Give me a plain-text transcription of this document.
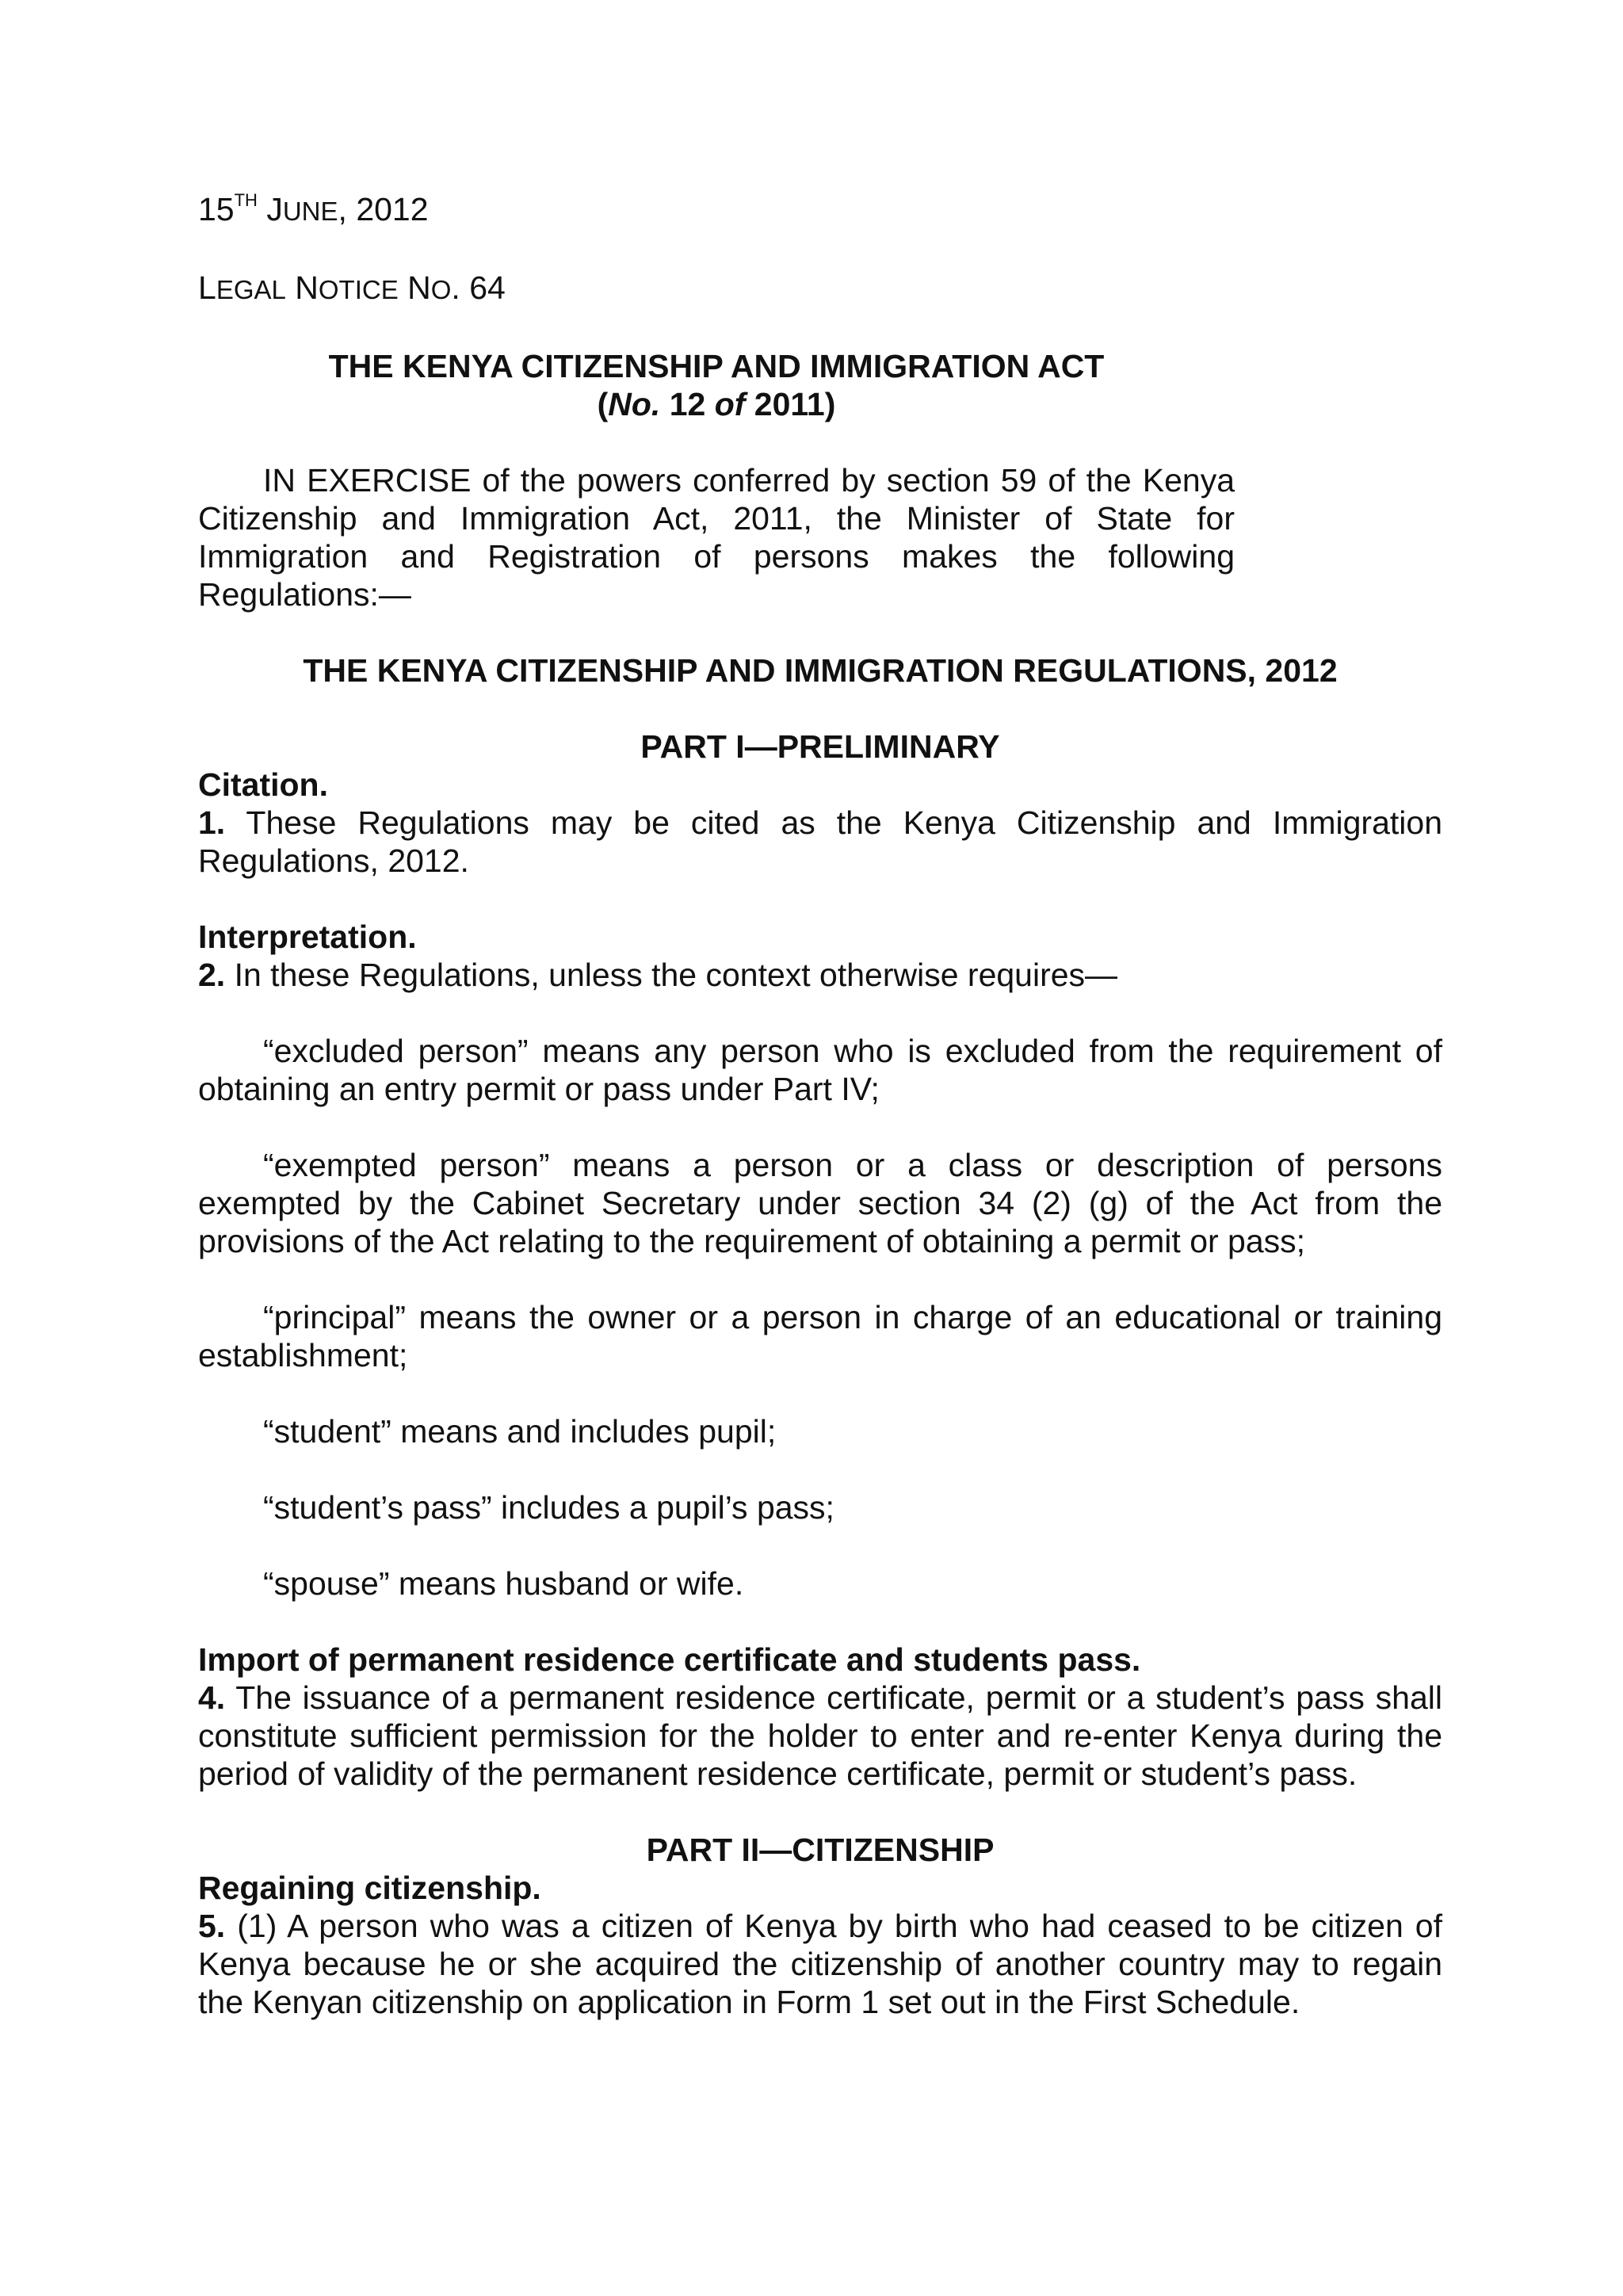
15TH JUNE, 2012

LEGAL NOTICE NO. 64

THE KENYA CITIZENSHIP AND IMMIGRATION ACT

(No. 12 of 2011)

IN EXERCISE of the powers conferred by section 59 of the Kenya Citizenship and Immigration Act, 2011, the Minister of State for Immigration and Registration of persons makes the following Regulations:—

THE KENYA CITIZENSHIP AND IMMIGRATION REGULATIONS, 2012

PART I—PRELIMINARY

Citation.

1. These Regulations may be cited as the Kenya Citizenship and Immigration Regulations, 2012.

Interpretation.

2. In these Regulations, unless the context otherwise requires—

“excluded person” means any person who is excluded from the requirement of obtaining an entry permit or pass under Part IV;

“exempted person” means a person or a class or description of persons exempted by the Cabinet Secretary under section 34 (2) (g) of the Act from the provisions of the Act relating to the requirement of obtaining a permit or pass;

“principal” means the owner or a person in charge of an educational or training establishment;

“student” means and includes pupil;

“student’s pass” includes a pupil’s pass;

“spouse” means husband or wife.

Import of permanent residence certificate and students pass.

4. The issuance of a permanent residence certificate, permit or a student’s pass shall constitute sufficient permission for the holder to enter and re-enter Kenya during the period of validity of the permanent residence certificate, permit or student’s pass.

PART II—CITIZENSHIP

Regaining citizenship.

5. (1) A person who was a citizen of Kenya by birth who had ceased to be citizen of Kenya because he or she acquired the citizenship of another country may to regain the Kenyan citizenship on application in Form 1 set out in the First Schedule.
